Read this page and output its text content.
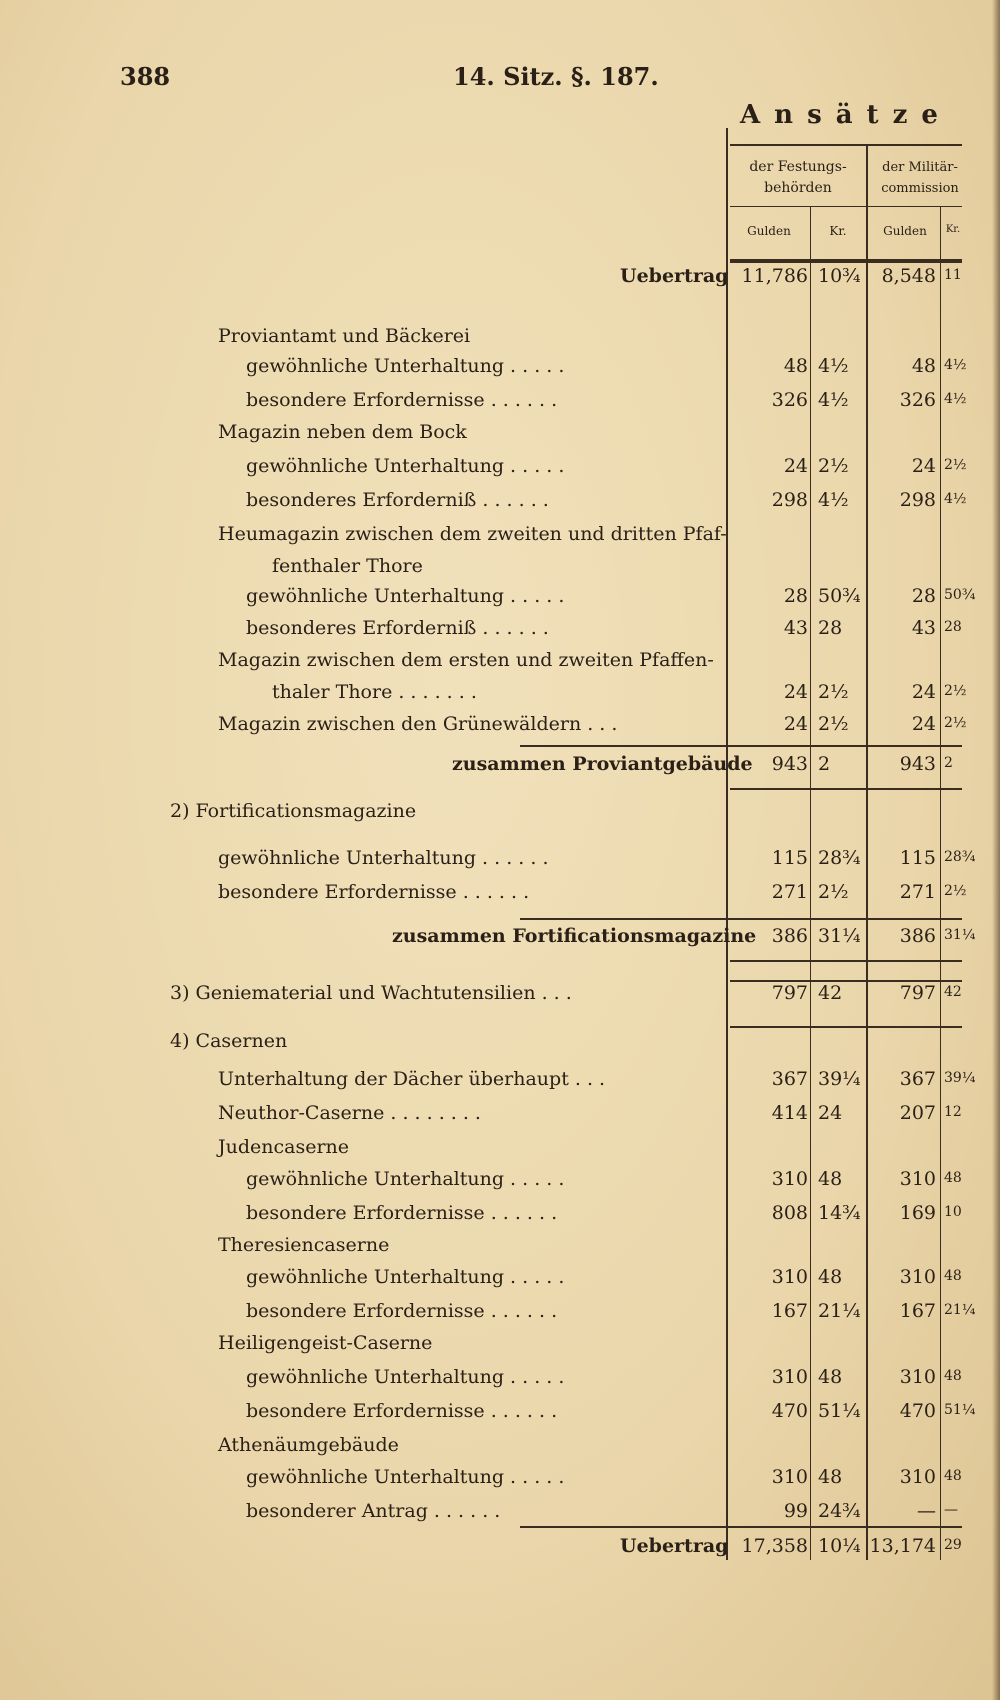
388	14. Sitz. §. 187.
Ansätze
der Festungs-
behörden
der Militär-
commission
Gulden	Kr.	Gulden	Kr.
Uebertrag 11,786 10¾	8,548 11
Proviantamt und Bäckerei
gewöhnliche Unterhaltung . . . . .	48 4½	48 4½
besondere Erfordernisse . . . . . .	326 4½	326 4½
Magazin neben dem Bock
gewöhnliche Unterhaltung . . . . .	24 2½	24 2½
besonderes Erforderniß . . . . . .	298 4½	298 4½
Heumagazin zwischen dem zweiten und dritten Pfaf-
fenthaler Thore
gewöhnliche Unterhaltung . . . . .	28 50¾	28 50¾
besonderes Erforderniß . . . . . .	43 28	43 28
Magazin zwischen dem ersten und zweiten Pfaffen-
thaler Thore . . . . . . .	24 2½	24 2½
Magazin zwischen den Grünewäldern . . .	24 2½	24 2½
zusammen Proviantgebäude	943 2	943 2
2) Fortificationsmagazine
gewöhnliche Unterhaltung . . . . . .	115 28¾	115 28¾
besondere Erfordernisse . . . . . .	271 2½	271 2½
zusammen Fortificationsmagazine 386 31¼	386 31¼
3) Geniematerial und Wachtutensilien . . .	797 42	797 42
4) Casernen
Unterhaltung der Dächer überhaupt . . .	367 39¼	367 39¼
Neuthor-Caserne . . . . . . . .	414 24	207 12
Judencaserne
gewöhnliche Unterhaltung . . . . .	310 48	310 48
besondere Erfordernisse . . . . . .	808 14¾	169 10
Theresiencaserne
gewöhnliche Unterhaltung . . . . .	310 48	310 48
besondere Erfordernisse . . . . . .	167 21¼	167 21¼
Heiligengeist-Caserne
gewöhnliche Unterhaltung . . . . .	310 48	310 48
besondere Erfordernisse . . . . . .	470 51¼	470 51¼
Athenäumgebäude
gewöhnliche Unterhaltung . . . . .	310 48	310 48
besonderer Antrag . . . . . .	99 24¾	— —
Uebertrag 17,358 10¼ 13,174 29
